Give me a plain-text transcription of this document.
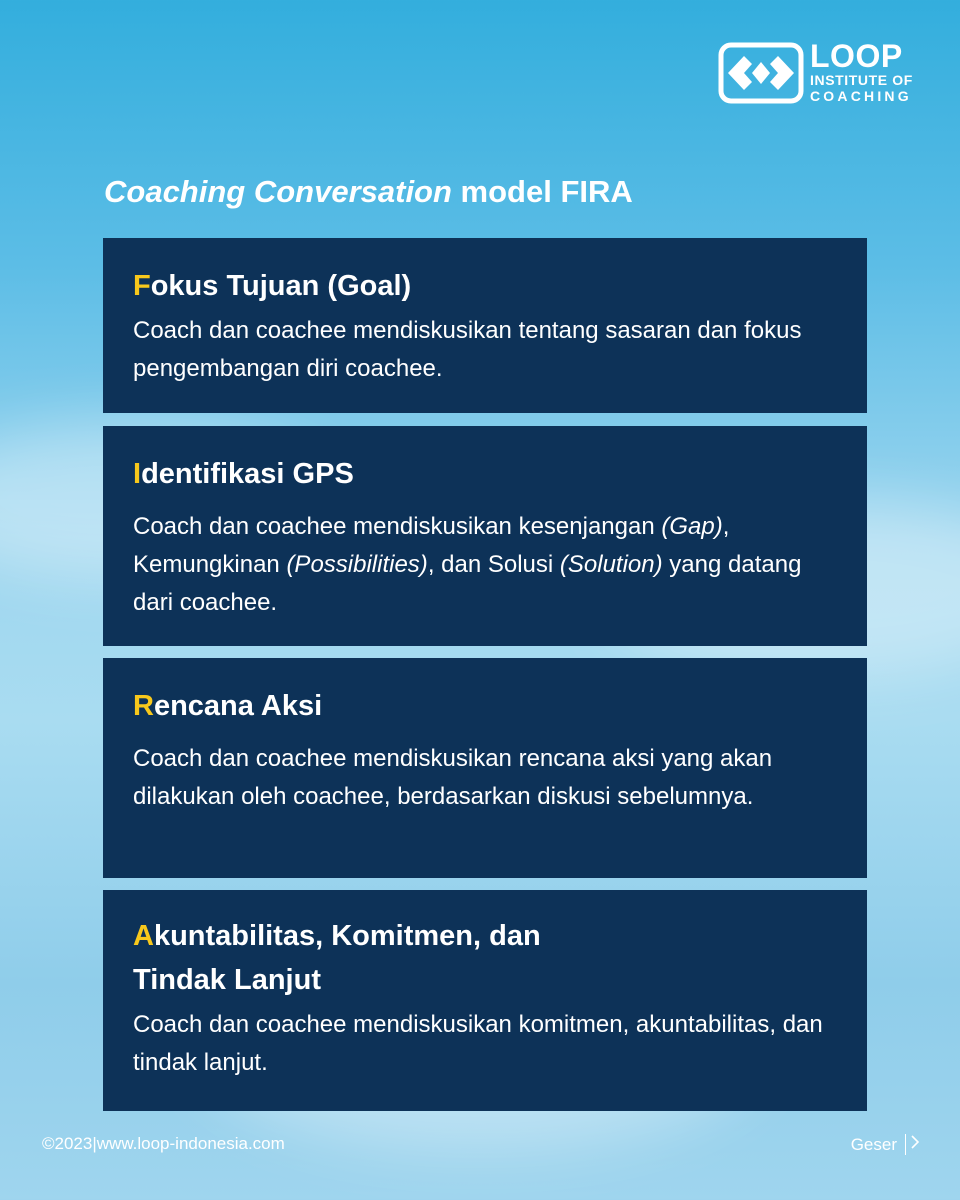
LOOP
INSTITUTE OF
COACHING
Coaching Conversation model FIRA
Fokus Tujuan (Goal)

Coach dan coachee mendiskusikan tentang sasaran dan fokus pengembangan diri coachee.

Identifikasi GPS

Coach dan coachee mendiskusikan kesenjangan (Gap), Kemungkinan (Possibilities), dan Solusi (Solution) yang datang dari coachee.

Rencana Aksi

Coach dan coachee mendiskusikan rencana aksi yang akan dilakukan oleh coachee, berdasarkan diskusi sebelumnya.

Akuntabilitas, Komitmen, dan
Tindak Lanjut

Coach dan coachee mendiskusikan komitmen, akuntabilitas, dan tindak lanjut.

©2023|www.loop-indonesia.com	Geser
